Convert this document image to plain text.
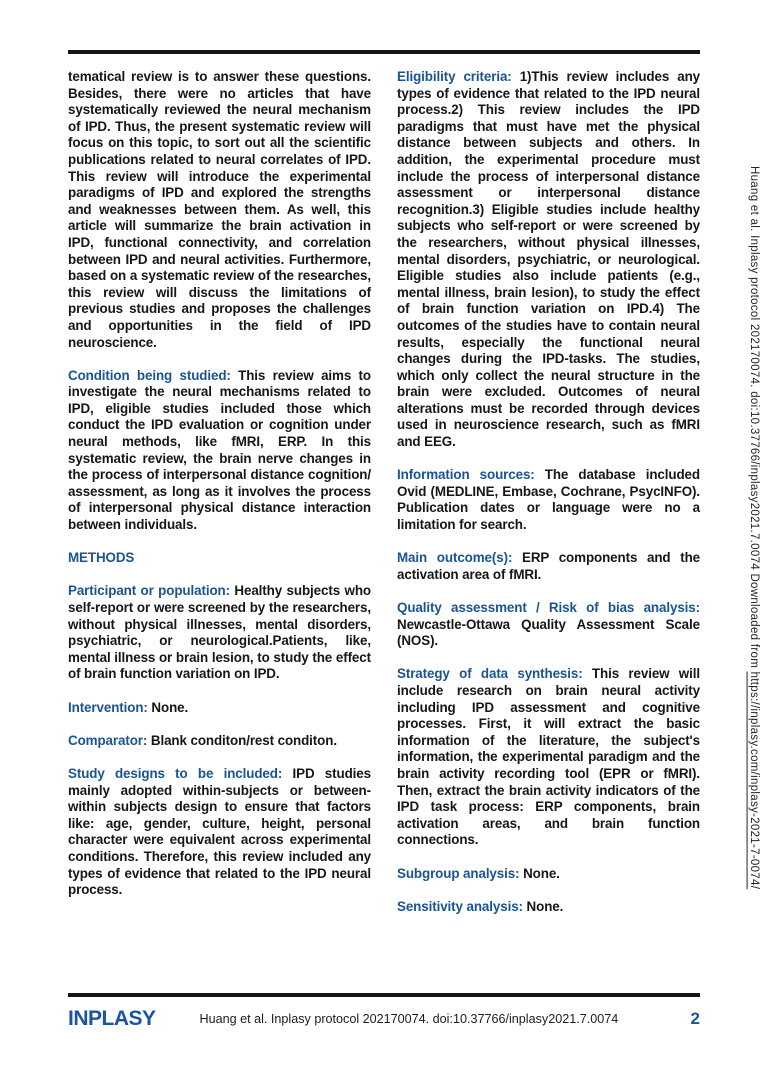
tematical review is to answer these questions. Besides, there were no articles that have systematically reviewed the neural mechanism of IPD. Thus, the present systematic review will focus on this topic, to sort out all the scientific publications related to neural correlates of IPD. This review will introduce the experimental paradigms of IPD and explored the strengths and weaknesses between them. As well, this article will summarize the brain activation in IPD, functional connectivity, and correlation between IPD and neural activities. Furthermore, based on a systematic review of the researches, this review will discuss the limitations of previous studies and proposes the challenges and opportunities in the field of IPD neuroscience.

Condition being studied: This review aims to investigate the neural mechanisms related to IPD, eligible studies included those which conduct the IPD evaluation or cognition under neural methods, like fMRI, ERP. In this systematic review, the brain nerve changes in the process of interpersonal distance cognition/ assessment, as long as it involves the process of interpersonal physical distance interaction between individuals.

METHODS

Participant or population: Healthy subjects who self-report or were screened by the researchers, without physical illnesses, mental disorders, psychiatric, or neurological.Patients, like, mental illness or brain lesion, to study the effect of brain function variation on IPD.

Intervention: None.

Comparator: Blank conditon/rest conditon.

Study designs to be included: IPD studies mainly adopted within-subjects or between-within subjects design to ensure that factors like: age, gender, culture, height, personal character were equivalent across experimental conditions. Therefore, this review included any types of evidence that related to the IPD neural process.

Eligibility criteria: 1)This review includes any types of evidence that related to the IPD neural process.2) This review includes the IPD paradigms that must have met the physical distance between subjects and others. In addition, the experimental procedure must include the process of interpersonal distance assessment or interpersonal distance recognition.3) Eligible studies include healthy subjects who self-report or were screened by the researchers, without physical illnesses, mental disorders, psychiatric, or neurological. Eligible studies also include patients (e.g., mental illness, brain lesion), to study the effect of brain function variation on IPD.4) The outcomes of the studies have to contain neural results, especially the functional neural changes during the IPD-tasks. The studies, which only collect the neural structure in the brain were excluded. Outcomes of neural alterations must be recorded through devices used in neuroscience research, such as fMRI and EEG.

Information sources: The database included Ovid (MEDLINE, Embase, Cochrane, PsycINFO). Publication dates or language were no a limitation for search.

Main outcome(s): ERP components and the activation area of fMRI.

Quality assessment / Risk of bias analysis: Newcastle-Ottawa Quality Assessment Scale (NOS).

Strategy of data synthesis: This review will include research on brain neural activity including IPD assessment and cognitive processes. First, it will extract the basic information of the literature, the subject's information, the experimental paradigm and the brain activity recording tool (EPR or fMRI). Then, extract the brain activity indicators of the IPD task process: ERP components, brain activation areas, and brain function connections.

Subgroup analysis: None.

Sensitivity analysis: None.

Huang et al. Inplasy protocol 202170074. doi:10.37766/inplasy2021.7.0074 Downloaded from https://inplasy.com/inplasy-2021-7-0074/
INPLASY	Huang et al. Inplasy protocol 202170074. doi:10.37766/inplasy2021.7.0074	2
